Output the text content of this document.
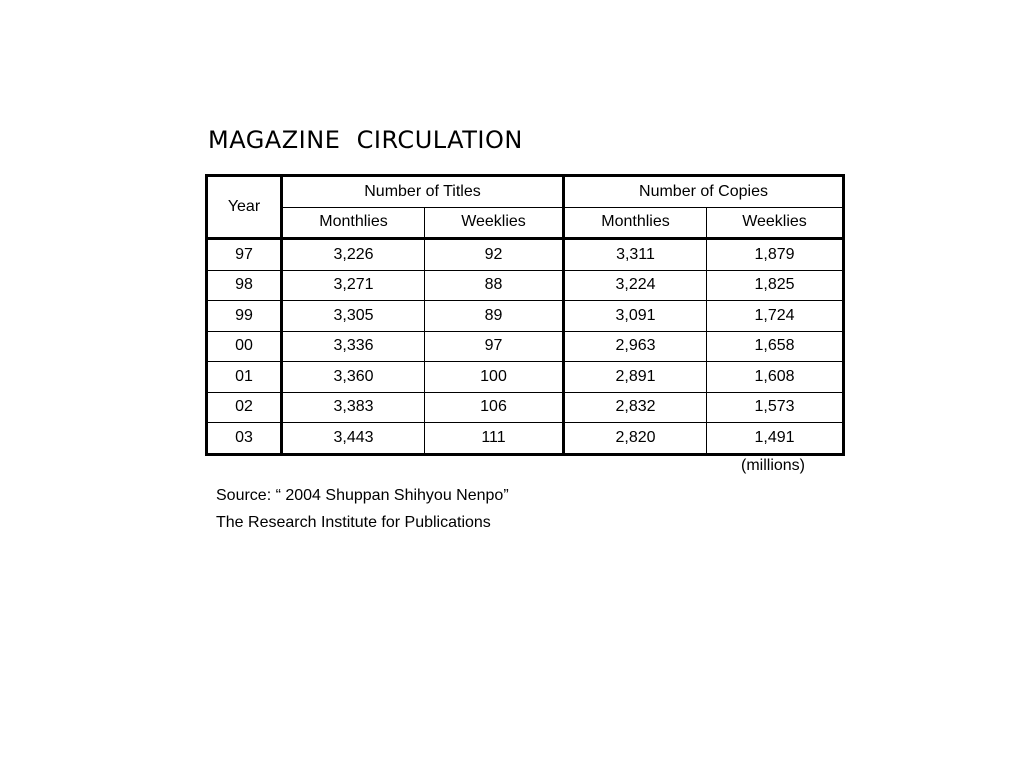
MAGAZINE  CIRCULATION
Year	Number of Titles		Number of Copies	
	Monthlies	Weeklies	Monthlies	Weeklies
97	3,226	92	3,311	1,879
98	3,271	88	3,224	1,825
99	3,305	89	3,091	1,724
00	3,336	97	2,963	1,658
01	3,360	100	2,891	1,608
02	3,383	106	2,832	1,573
03	3,443	111	2,820	1,491
(millions)
Source: “ 2004 Shuppan Shihyou Nenpo”
The Research Institute for Publications
